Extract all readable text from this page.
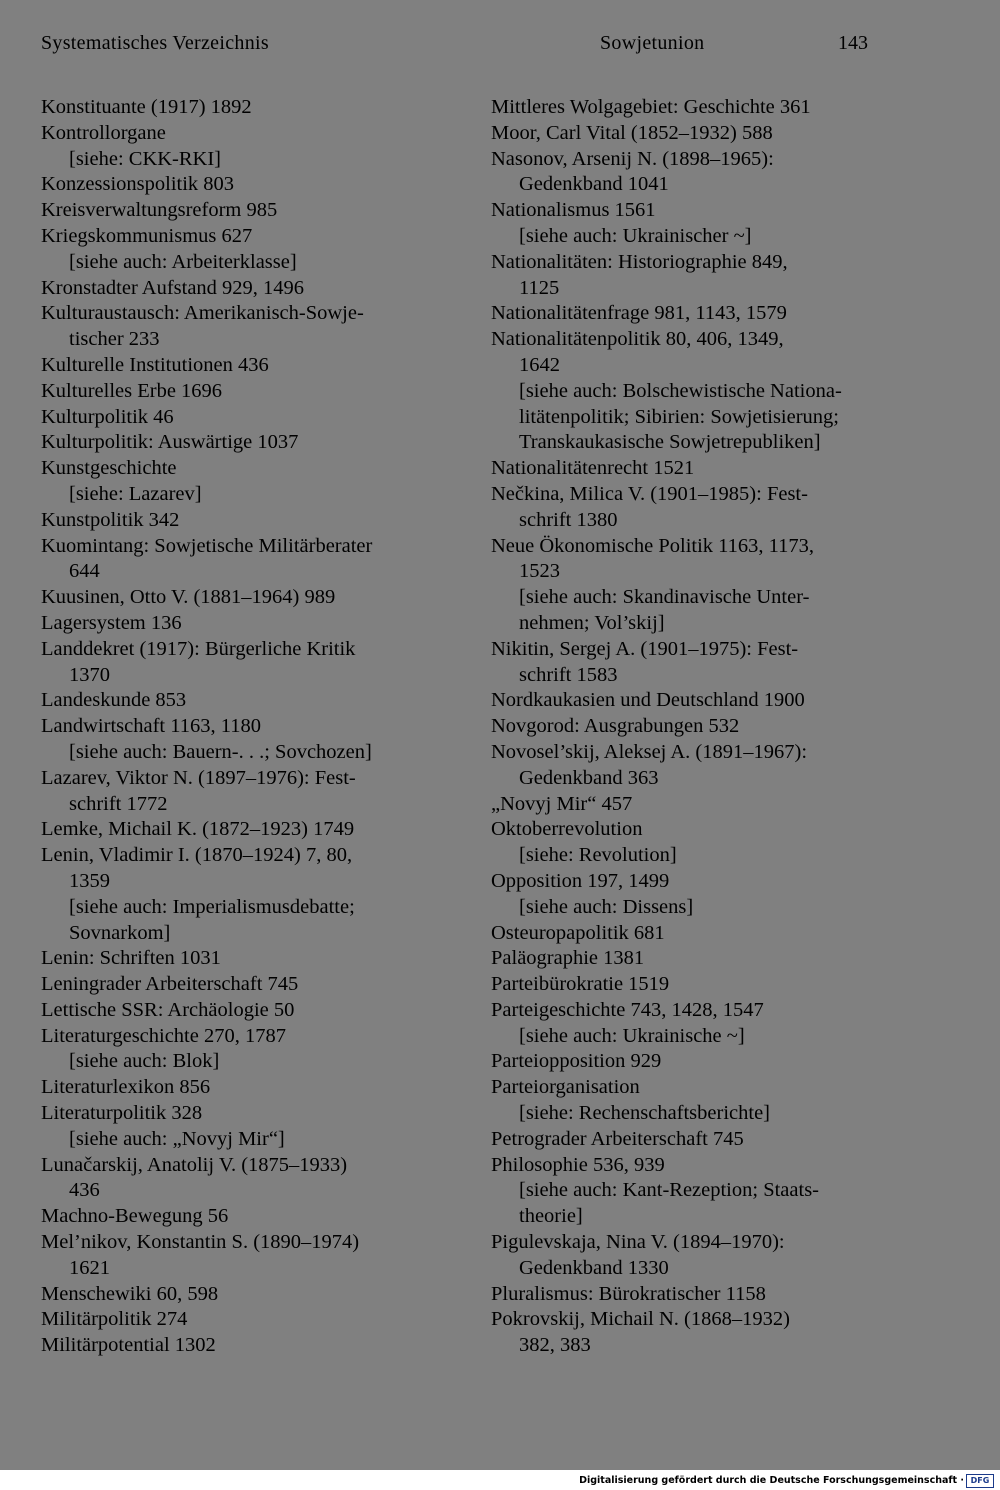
Systematisches Verzeichnis	Sowjetunion	143
Konstituante (1917) 1892
Kontrollorgane
[siehe: CKK-RKI]
Konzessionspolitik 803
Kreisverwaltungsreform 985
Kriegskommunismus 627
[siehe auch: Arbeiterklasse]
Kronstadter Aufstand 929, 1496
Kulturaustausch: Amerikanisch-Sowje-
tischer 233
Kulturelle Institutionen 436
Kulturelles Erbe 1696
Kulturpolitik 46
Kulturpolitik: Auswärtige 1037
Kunstgeschichte
[siehe: Lazarev]
Kunstpolitik 342
Kuomintang: Sowjetische Militärberater
644
Kuusinen, Otto V. (1881–1964) 989
Lagersystem 136
Landdekret (1917): Bürgerliche Kritik
1370
Landeskunde 853
Landwirtschaft 1163, 1180
[siehe auch: Bauern-. . .; Sovchozen]
Lazarev, Viktor N. (1897–1976): Fest-
schrift 1772
Lemke, Michail K. (1872–1923) 1749
Lenin, Vladimir I. (1870–1924) 7, 80,
1359
[siehe auch: Imperialismusdebatte;
Sovnarkom]
Lenin: Schriften 1031
Leningrader Arbeiterschaft 745
Lettische SSR: Archäologie 50
Literaturgeschichte 270, 1787
[siehe auch: Blok]
Literaturlexikon 856
Literaturpolitik 328
[siehe auch: „Novyj Mir“]
Lunačarskij, Anatolij V. (1875–1933)
436
Machno-Bewegung 56
Mel’nikov, Konstantin S. (1890–1974)
1621
Menschewiki 60, 598
Militärpolitik 274
Militärpotential 1302
Mittleres Wolgagebiet: Geschichte 361
Moor, Carl Vital (1852–1932) 588
Nasonov, Arsenij N. (1898–1965):
Gedenkband 1041
Nationalismus 1561
[siehe auch: Ukrainischer ~]
Nationalitäten: Historiographie 849,
1125
Nationalitätenfrage 981, 1143, 1579
Nationalitätenpolitik 80, 406, 1349,
1642
[siehe auch: Bolschewistische Nationa-
litätenpolitik; Sibirien: Sowjetisierung;
Transkaukasische Sowjetrepubliken]
Nationalitätenrecht 1521
Nečkina, Milica V. (1901–1985): Fest-
schrift 1380
Neue Ökonomische Politik 1163, 1173,
1523
[siehe auch: Skandinavische Unter-
nehmen; Vol’skij]
Nikitin, Sergej A. (1901–1975): Fest-
schrift 1583
Nordkaukasien und Deutschland 1900
Novgorod: Ausgrabungen 532
Novosel’skij, Aleksej A. (1891–1967):
Gedenkband 363
„Novyj Mir“ 457
Oktoberrevolution
[siehe: Revolution]
Opposition 197, 1499
[siehe auch: Dissens]
Osteuropapolitik 681
Paläographie 1381
Parteibürokratie 1519
Parteigeschichte 743, 1428, 1547
[siehe auch: Ukrainische ~]
Parteiopposition 929
Parteiorganisation
[siehe: Rechenschaftsberichte]
Petrograder Arbeiterschaft 745
Philosophie 536, 939
[siehe auch: Kant-Rezeption; Staats-
theorie]
Pigulevskaja, Nina V. (1894–1970):
Gedenkband 1330
Pluralismus: Bürokratischer 1158
Pokrovskij, Michail N. (1868–1932)
382, 383
Digitalisierung gefördert durch die Deutsche Forschungsgemeinschaft · DFG
